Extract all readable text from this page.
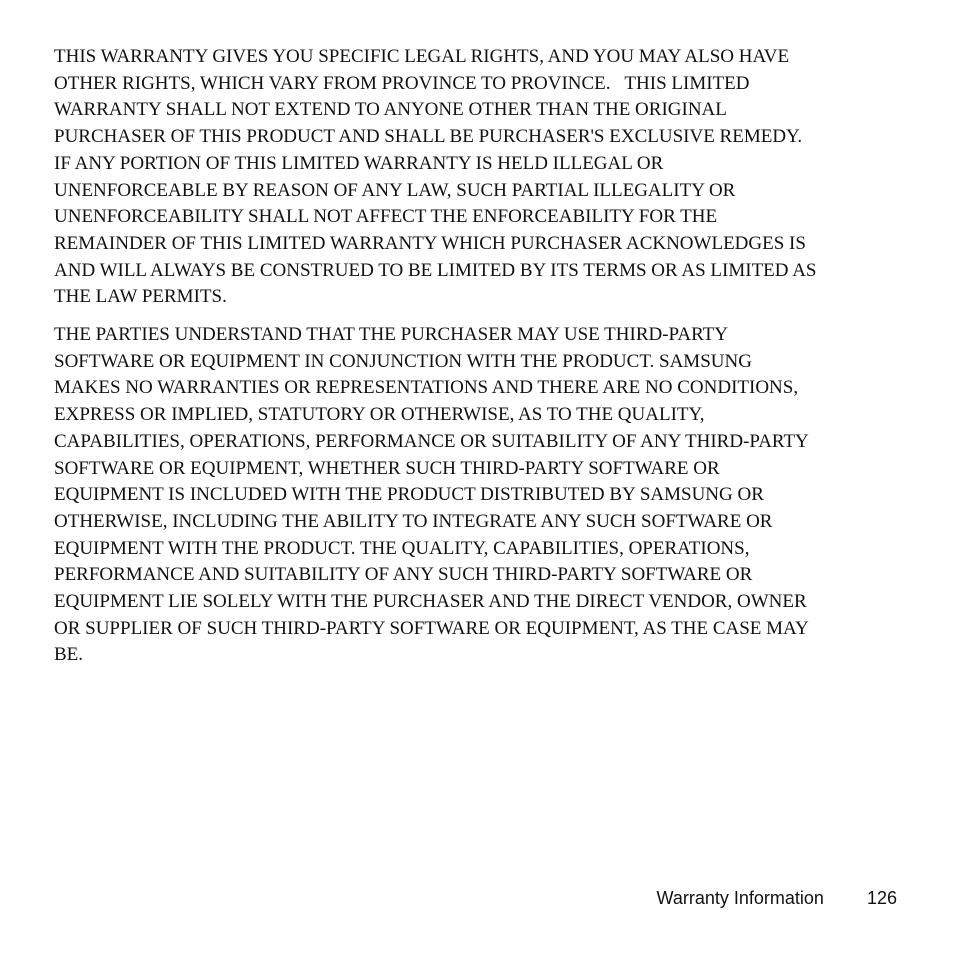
THIS WARRANTY GIVES YOU SPECIFIC LEGAL RIGHTS, AND YOU MAY ALSO HAVE
OTHER RIGHTS, WHICH VARY FROM PROVINCE TO PROVINCE.   THIS LIMITED
WARRANTY SHALL NOT EXTEND TO ANYONE OTHER THAN THE ORIGINAL
PURCHASER OF THIS PRODUCT AND SHALL BE PURCHASER'S EXCLUSIVE REMEDY.
IF ANY PORTION OF THIS LIMITED WARRANTY IS HELD ILLEGAL OR
UNENFORCEABLE BY REASON OF ANY LAW, SUCH PARTIAL ILLEGALITY OR
UNENFORCEABILITY SHALL NOT AFFECT THE ENFORCEABILITY FOR THE
REMAINDER OF THIS LIMITED WARRANTY WHICH PURCHASER ACKNOWLEDGES IS
AND WILL ALWAYS BE CONSTRUED TO BE LIMITED BY ITS TERMS OR AS LIMITED AS
THE LAW PERMITS.

THE PARTIES UNDERSTAND THAT THE PURCHASER MAY USE THIRD-PARTY
SOFTWARE OR EQUIPMENT IN CONJUNCTION WITH THE PRODUCT. SAMSUNG
MAKES NO WARRANTIES OR REPRESENTATIONS AND THERE ARE NO CONDITIONS,
EXPRESS OR IMPLIED, STATUTORY OR OTHERWISE, AS TO THE QUALITY,
CAPABILITIES, OPERATIONS, PERFORMANCE OR SUITABILITY OF ANY THIRD-PARTY
SOFTWARE OR EQUIPMENT, WHETHER SUCH THIRD-PARTY SOFTWARE OR
EQUIPMENT IS INCLUDED WITH THE PRODUCT DISTRIBUTED BY SAMSUNG OR
OTHERWISE, INCLUDING THE ABILITY TO INTEGRATE ANY SUCH SOFTWARE OR
EQUIPMENT WITH THE PRODUCT. THE QUALITY, CAPABILITIES, OPERATIONS,
PERFORMANCE AND SUITABILITY OF ANY SUCH THIRD-PARTY SOFTWARE OR
EQUIPMENT LIE SOLELY WITH THE PURCHASER AND THE DIRECT VENDOR, OWNER
OR SUPPLIER OF SUCH THIRD-PARTY SOFTWARE OR EQUIPMENT, AS THE CASE MAY
BE.

Warranty Information 126
